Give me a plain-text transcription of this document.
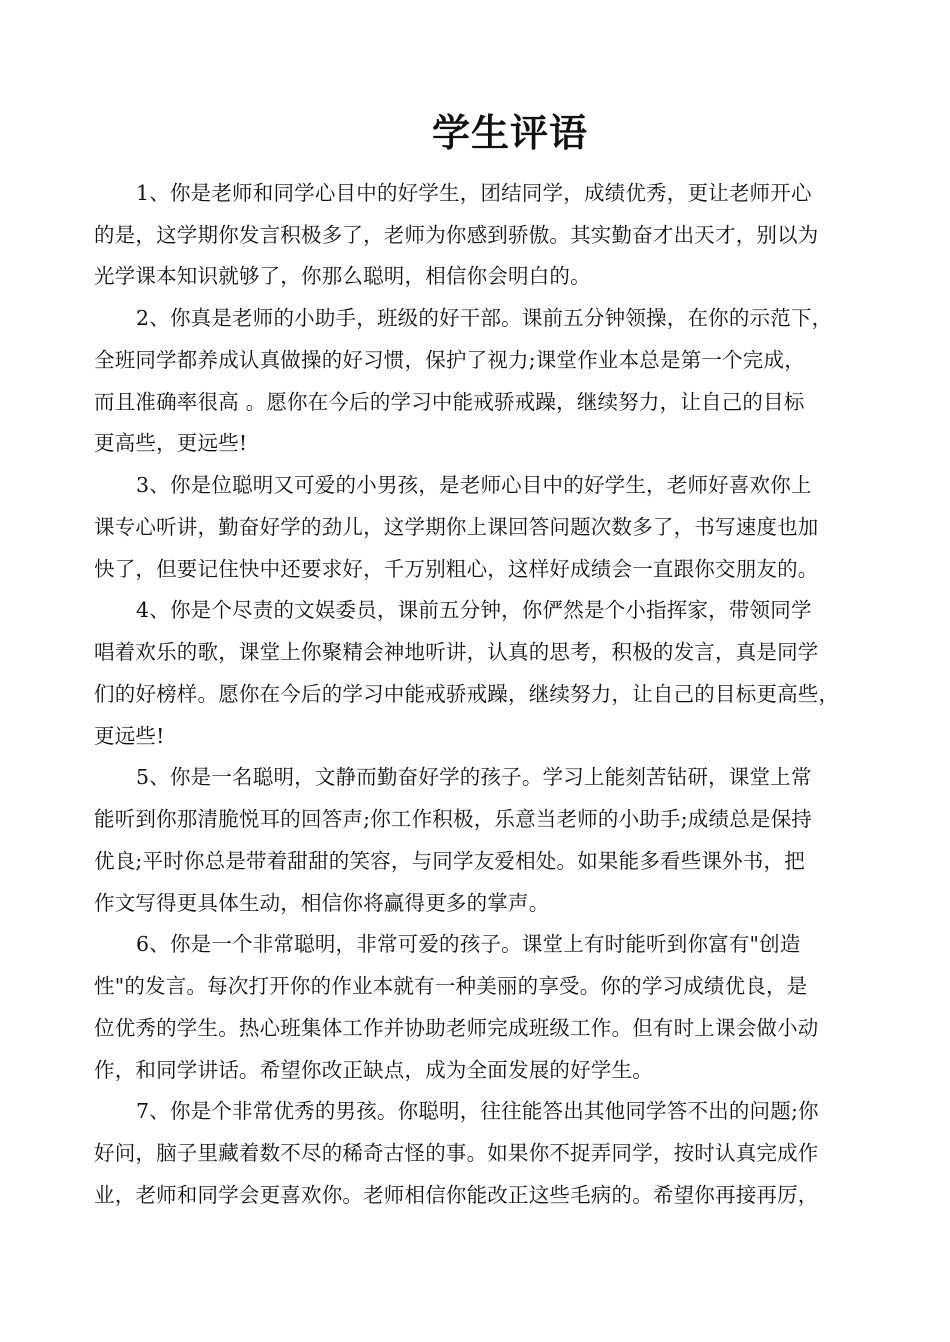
学生评语
1、你是老师和同学心目中的好学生，团结同学，成绩优秀，更让老师开心
的是，这学期你发言积极多了，老师为你感到骄傲。其实勤奋才出天才，别以为
光学课本知识就够了，你那么聪明，相信你会明白的。
2、你真是老师的小助手，班级的好干部。课前五分钟领操，在你的示范下，
全班同学都养成认真做操的好习惯，保护了视力;课堂作业本总是第一个完成，
而且准确率很高 。愿你在今后的学习中能戒骄戒躁，继续努力，让自己的目标
更高些，更远些!
3、你是位聪明又可爱的小男孩，是老师心目中的好学生，老师好喜欢你上
课专心听讲，勤奋好学的劲儿，这学期你上课回答问题次数多了，书写速度也加
快了，但要记住快中还要求好，千万别粗心，这样好成绩会一直跟你交朋友的。
4、你是个尽责的文娱委员，课前五分钟，你俨然是个小指挥家，带领同学
唱着欢乐的歌，课堂上你聚精会神地听讲，认真的思考，积极的发言，真是同学
们的好榜样。愿你在今后的学习中能戒骄戒躁，继续努力，让自己的目标更高些，
更远些!
5、你是一名聪明，文静而勤奋好学的孩子。学习上能刻苦钻研，课堂上常
能听到你那清脆悦耳的回答声;你工作积极，乐意当老师的小助手;成绩总是保持
优良;平时你总是带着甜甜的笑容，与同学友爱相处。如果能多看些课外书，把
作文写得更具体生动，相信你将赢得更多的掌声。
6、你是一个非常聪明，非常可爱的孩子。课堂上有时能听到你富有"创造
性"的发言。每次打开你的作业本就有一种美丽的享受。你的学习成绩优良，是
位优秀的学生。热心班集体工作并协助老师完成班级工作。但有时上课会做小动
作，和同学讲话。希望你改正缺点，成为全面发展的好学生。
7、你是个非常优秀的男孩。你聪明，往往能答出其他同学答不出的问题;你
好问，脑子里藏着数不尽的稀奇古怪的事。如果你不捉弄同学，按时认真完成作
业，老师和同学会更喜欢你。老师相信你能改正这些毛病的。希望你再接再厉，
